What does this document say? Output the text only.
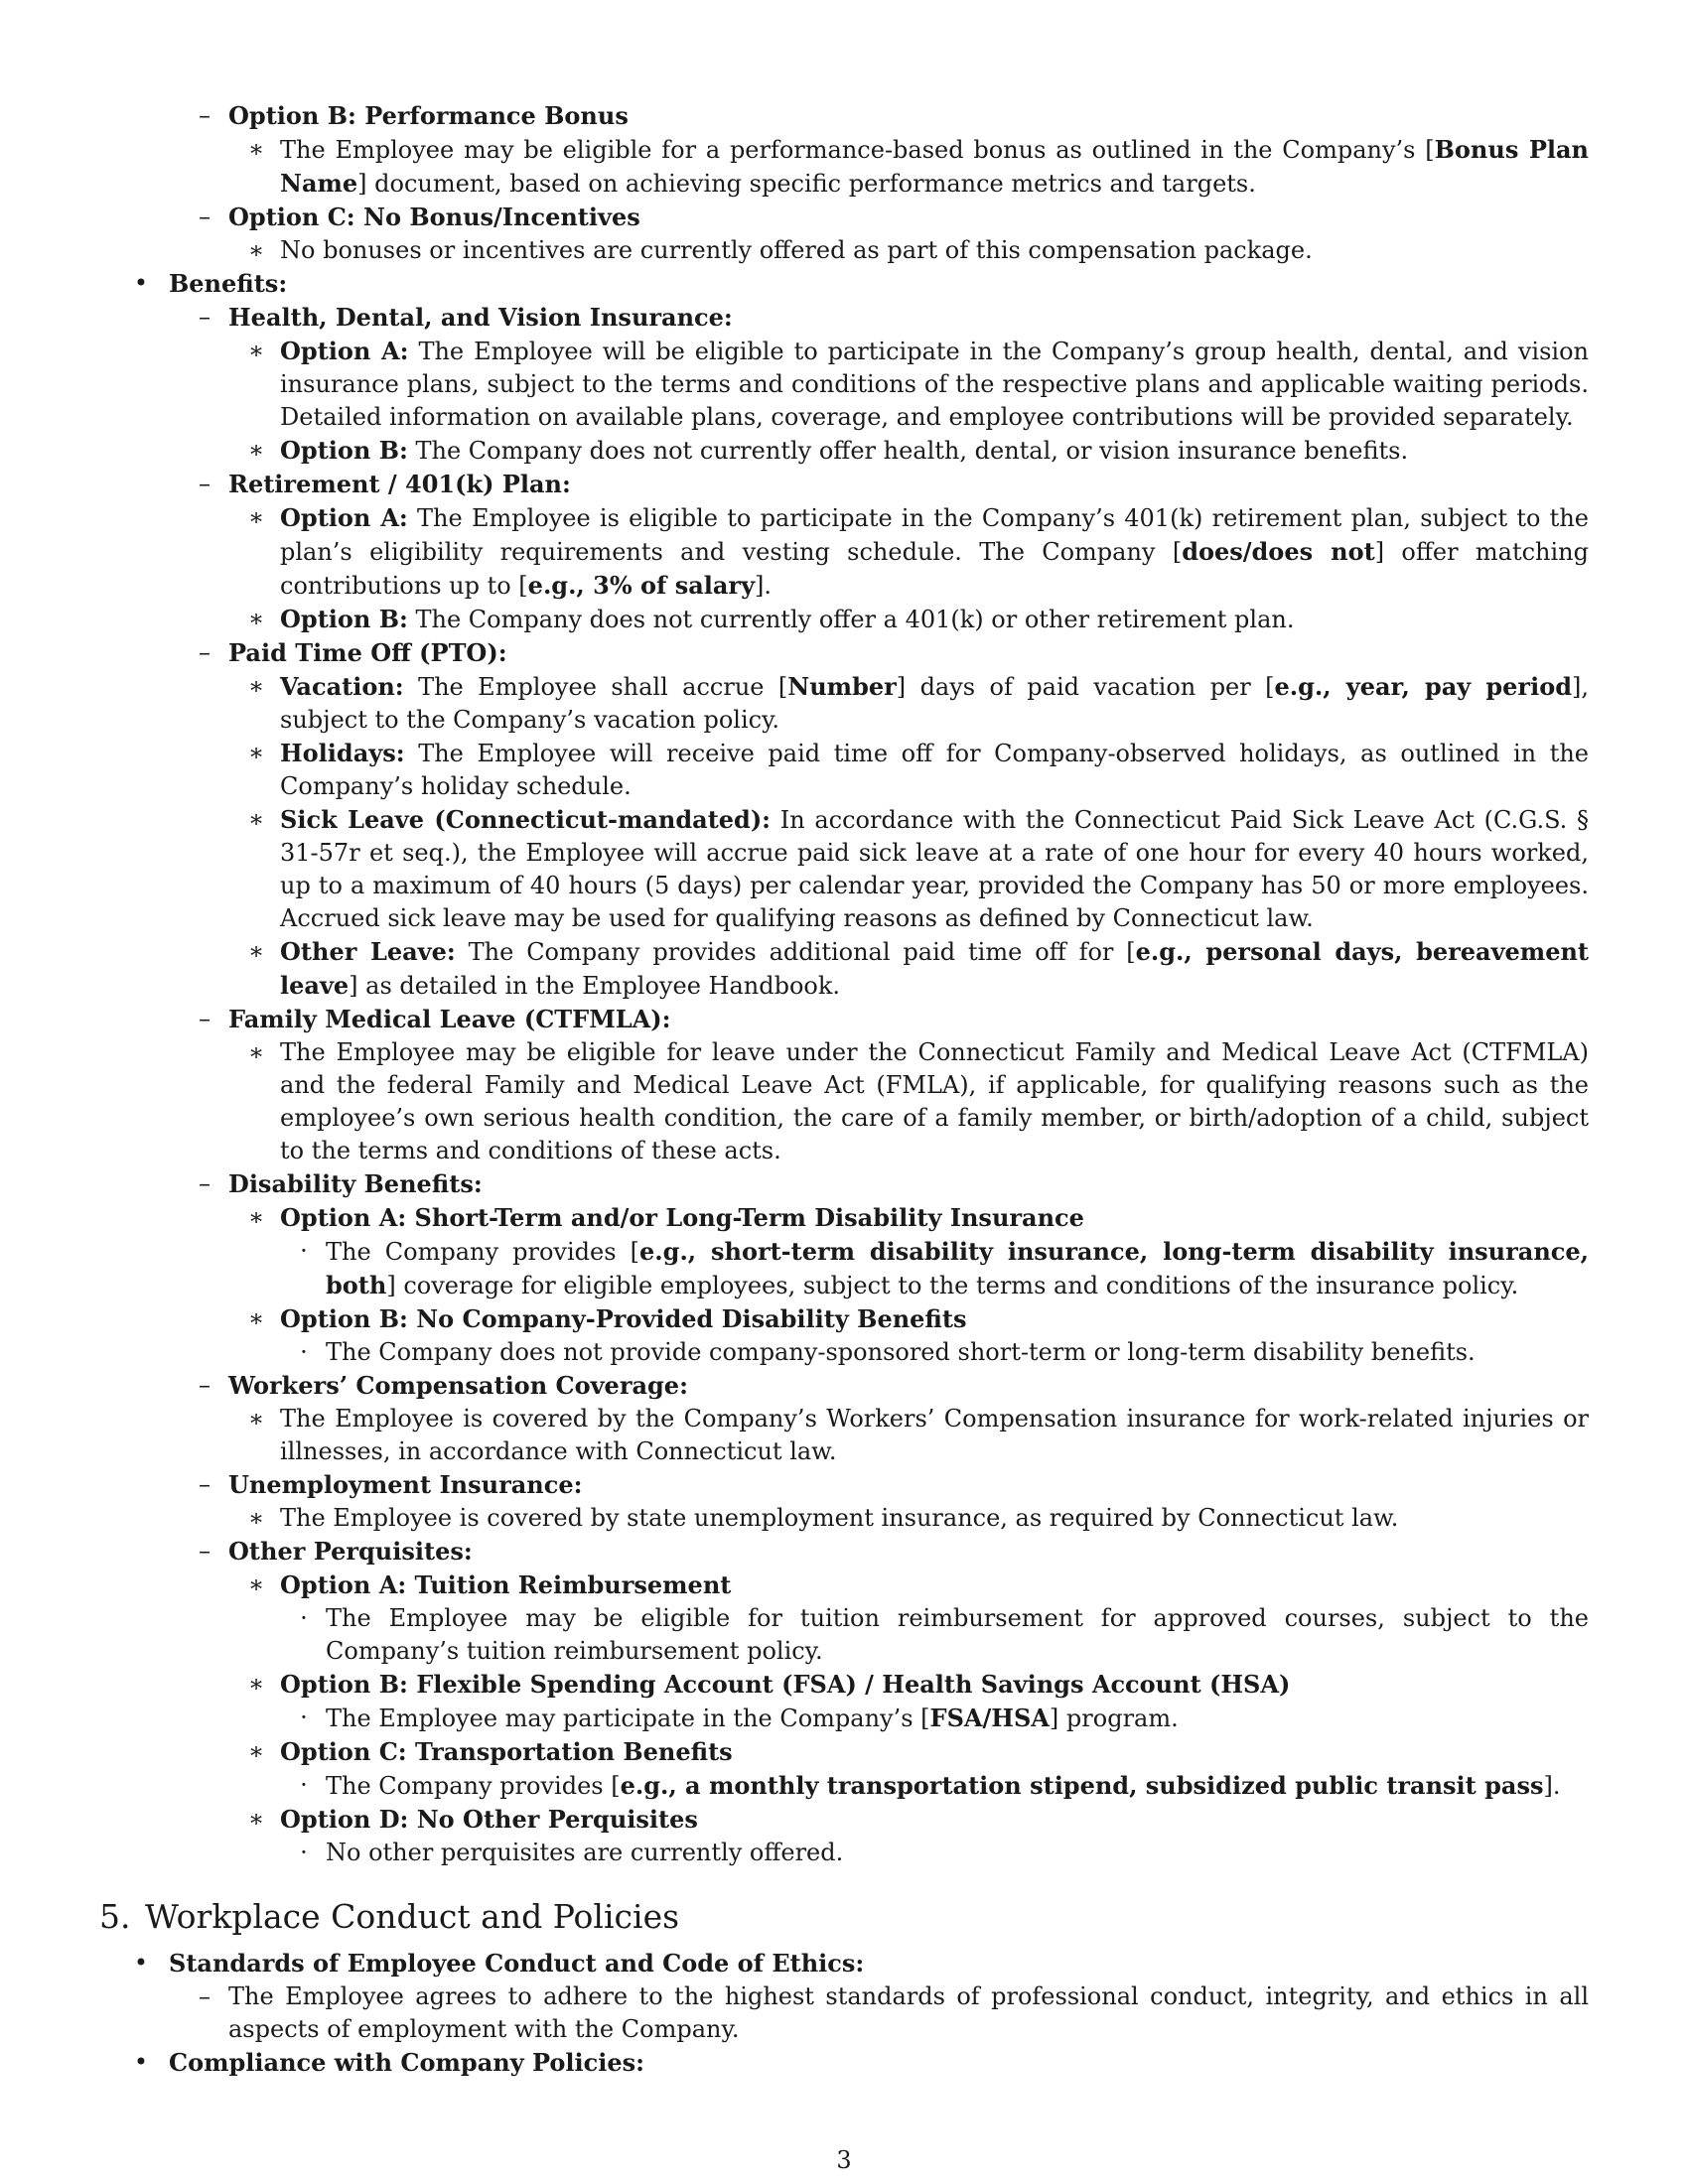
– Option B: Performance Bonus
∗ The Employee may be eligible for a performance-based bonus as outlined in the Company’s [Bonus Plan Name] document, based on achieving specific performance metrics and targets.
– Option C: No Bonus/Incentives
∗ No bonuses or incentives are currently offered as part of this compensation package.
• Benefits:
– Health, Dental, and Vision Insurance:
∗ Option A: The Employee will be eligible to participate in the Company’s group health, dental, and vision insurance plans, subject to the terms and conditions of the respective plans and applicable waiting periods. Detailed information on available plans, coverage, and employee contributions will be provided separately.
∗ Option B: The Company does not currently offer health, dental, or vision insurance benefits.
– Retirement / 401(k) Plan:
∗ Option A: The Employee is eligible to participate in the Company’s 401(k) retirement plan, subject to the plan’s eligibility requirements and vesting schedule. The Company [does/does not] offer matching contributions up to [e.g., 3% of salary].
∗ Option B: The Company does not currently offer a 401(k) or other retirement plan.
– Paid Time Off (PTO):
∗ Vacation: The Employee shall accrue [Number] days of paid vacation per [e.g., year, pay period], subject to the Company’s vacation policy.
∗ Holidays: The Employee will receive paid time off for Company-observed holidays, as outlined in the Company’s holiday schedule.
∗ Sick Leave (Connecticut-mandated): In accordance with the Connecticut Paid Sick Leave Act (C.G.S. § 31-57r et seq.), the Employee will accrue paid sick leave at a rate of one hour for every 40 hours worked, up to a maximum of 40 hours (5 days) per calendar year, provided the Company has 50 or more employees. Accrued sick leave may be used for qualifying reasons as defined by Connecticut law.
∗ Other Leave: The Company provides additional paid time off for [e.g., personal days, bereavement leave] as detailed in the Employee Handbook.
– Family Medical Leave (CTFMLA):
∗ The Employee may be eligible for leave under the Connecticut Family and Medical Leave Act (CTFMLA) and the federal Family and Medical Leave Act (FMLA), if applicable, for qualifying reasons such as the employee’s own serious health condition, the care of a family member, or birth/adoption of a child, subject to the terms and conditions of these acts.
– Disability Benefits:
∗ Option A: Short-Term and/or Long-Term Disability Insurance
· The Company provides [e.g., short-term disability insurance, long-term disability insurance, both] coverage for eligible employees, subject to the terms and conditions of the insurance policy.
∗ Option B: No Company-Provided Disability Benefits
· The Company does not provide company-sponsored short-term or long-term disability benefits.
– Workers’ Compensation Coverage:
∗ The Employee is covered by the Company’s Workers’ Compensation insurance for work-related injuries or illnesses, in accordance with Connecticut law.
– Unemployment Insurance:
∗ The Employee is covered by state unemployment insurance, as required by Connecticut law.
– Other Perquisites:
∗ Option A: Tuition Reimbursement
· The Employee may be eligible for tuition reimbursement for approved courses, subject to the Company’s tuition reimbursement policy.
∗ Option B: Flexible Spending Account (FSA) / Health Savings Account (HSA)
· The Employee may participate in the Company’s [FSA/HSA] program.
∗ Option C: Transportation Benefits
· The Company provides [e.g., a monthly transportation stipend, subsidized public transit pass].
∗ Option D: No Other Perquisites
· No other perquisites are currently offered.
5. Workplace Conduct and Policies
• Standards of Employee Conduct and Code of Ethics:
– The Employee agrees to adhere to the highest standards of professional conduct, integrity, and ethics in all aspects of employment with the Company.
• Compliance with Company Policies:
3
